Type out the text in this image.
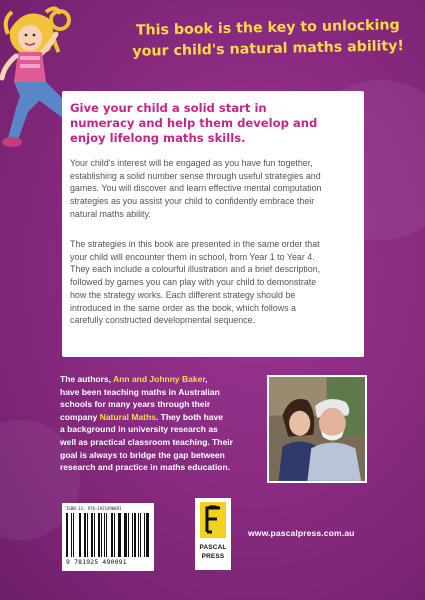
This book is the key to unlocking
your child's natural maths ability!
Give your child a solid start in
numeracy and help them develop and
enjoy lifelong maths skills.
Your child's interest will be engaged as you have fun together,
establishing a solid number sense through useful strategies and
games. You will discover and learn effective mental computation
strategies as you assist your child to confidently embrace their
natural maths ability.
The strategies in this book are presented in the same order that
your child will encounter them in school, from Year 1 to Year 4.
They each include a colourful illustration and a brief description,
followed by games you can play with your child to demonstrate
how the strategy works. Each different strategy should be
introduced in the same order as the book, which follows a
carefully constructed developmental sequence.
The authors, Ann and Johnny Baker,
have been teaching maths in Australian
schools for many years through their
company Natural Maths. They both have
a background in university research as
well as practical classroom teaching. Their
goal is always to bridge the gap between
research and practice in maths education.
ISBN-13: 978-1925490091
9 781925 490091
PASCAL
PRESS
www.pascalpress.com.au
